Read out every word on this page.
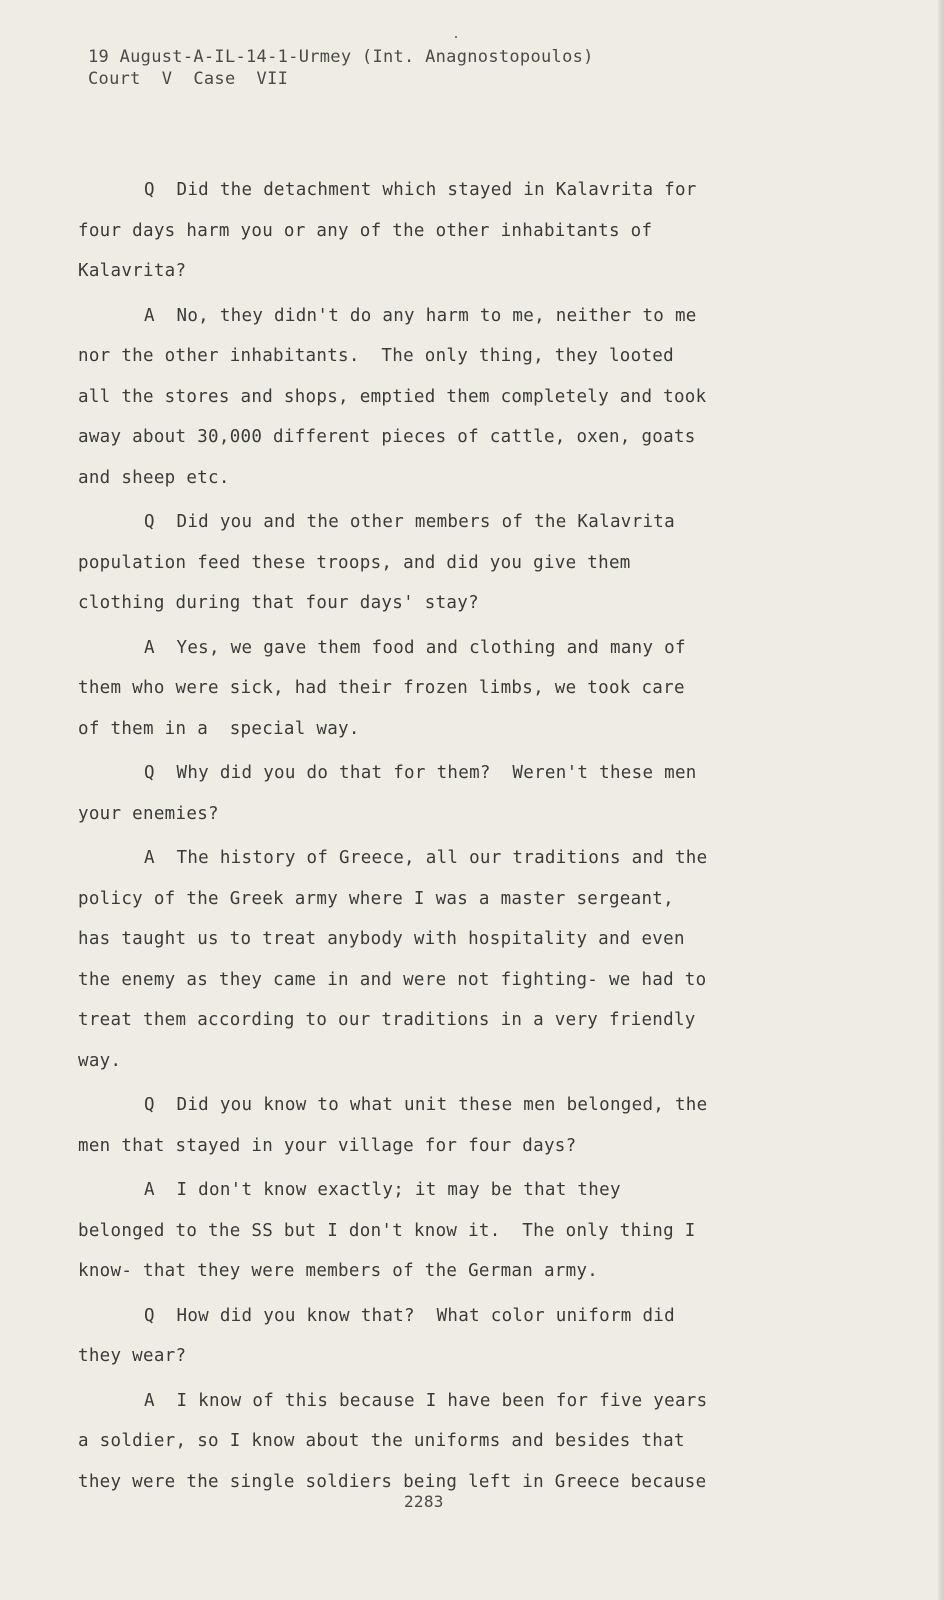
19 August-A-IL-14-1-Urmey (Int. Anagnostopoulos)
Court  V  Case  VII
Q  Did the detachment which stayed in Kalavrita for
four days harm you or any of the other inhabitants of
Kalavrita?
A  No, they didn't do any harm to me, neither to me
nor the other inhabitants.  The only thing, they looted
all the stores and shops, emptied them completely and took
away about 30,000 different pieces of cattle, oxen, goats
and sheep etc.
Q  Did you and the other members of the Kalavrita
population feed these troops, and did you give them
clothing during that four days' stay?
A  Yes, we gave them food and clothing and many of
them who were sick, had their frozen limbs, we took care
of them in a  special way.
Q  Why did you do that for them?  Weren't these men
your enemies?
A  The history of Greece, all our traditions and the
policy of the Greek army where I was a master sergeant,
has taught us to treat anybody with hospitality and even
the enemy as they came in and were not fighting- we had to
treat them according to our traditions in a very friendly
way.
Q  Did you know to what unit these men belonged, the
men that stayed in your village for four days?
A  I don't know exactly; it may be that they
belonged to the SS but I don't know it.  The only thing I
know- that they were members of the German army.
Q  How did you know that?  What color uniform did
they wear?
A  I know of this because I have been for five years
a soldier, so I know about the uniforms and besides that
they were the single soldiers being left in Greece because
2283
